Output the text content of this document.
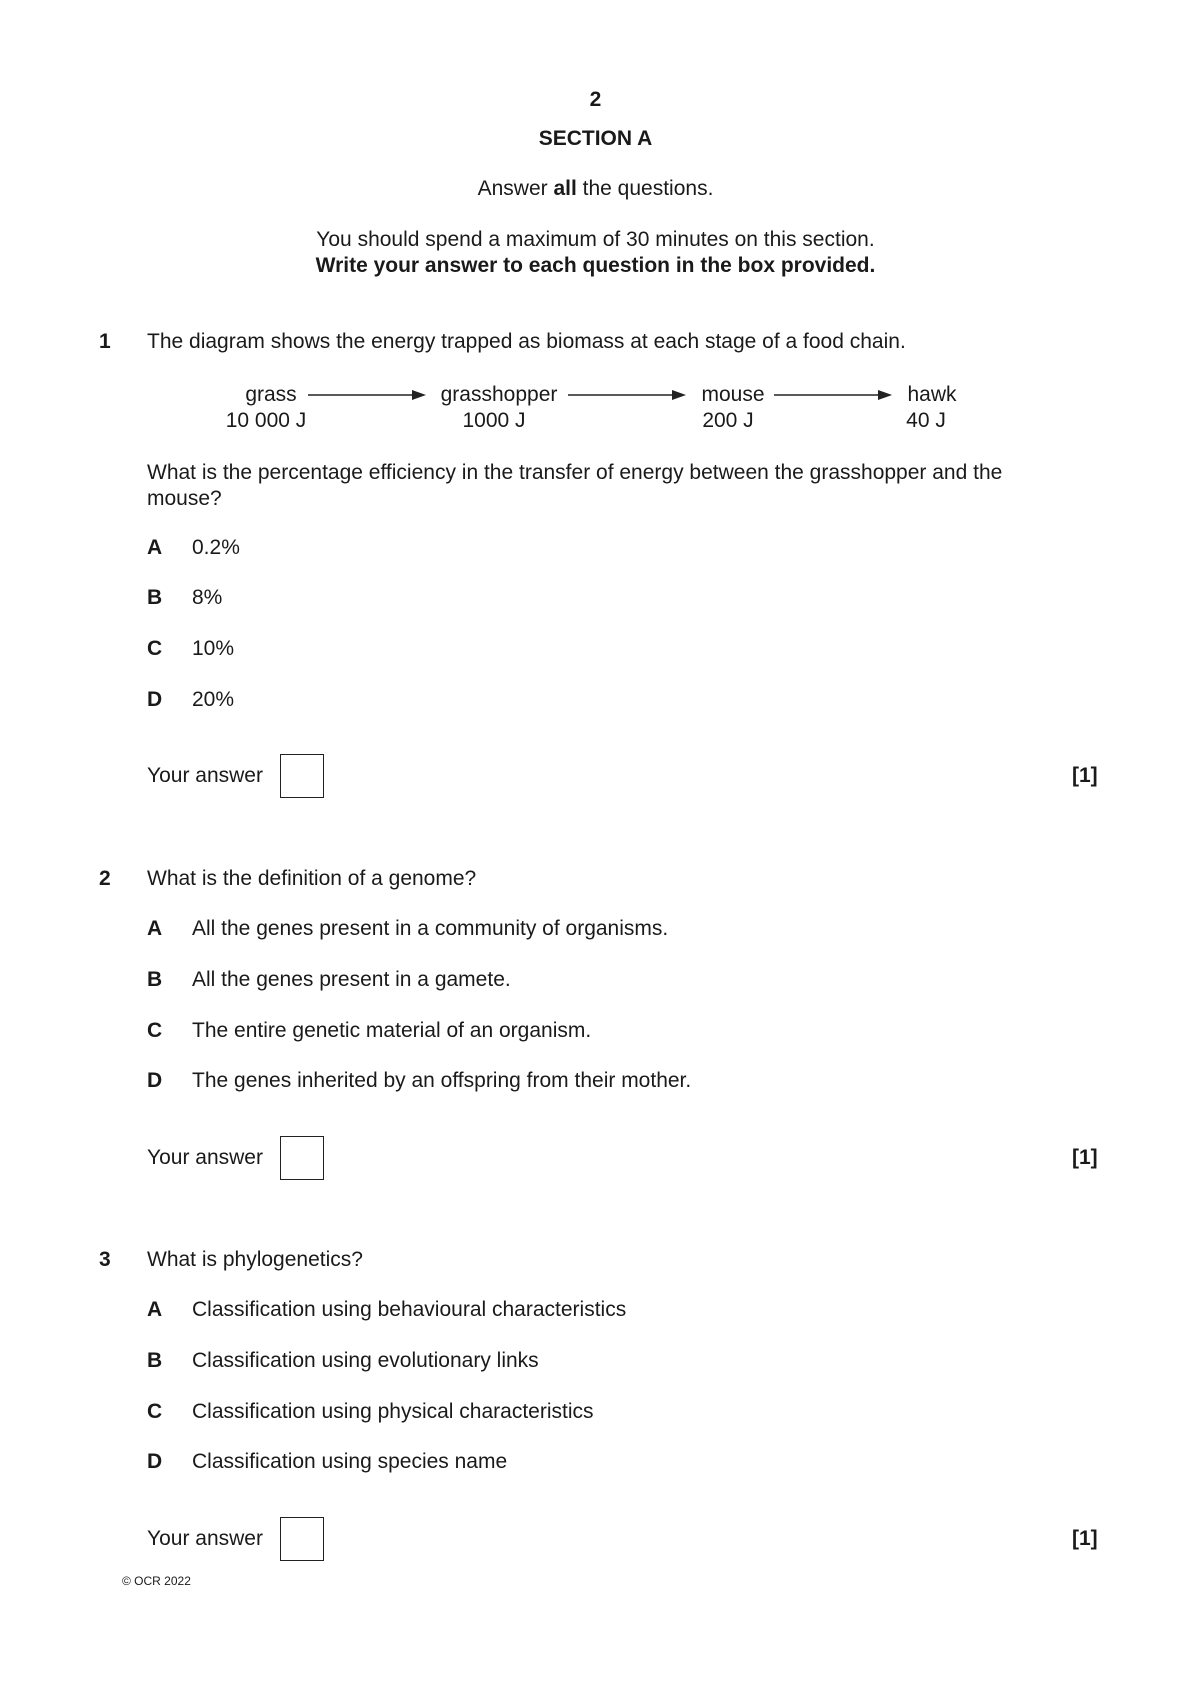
2
SECTION A
Answer all the questions.
You should spend a maximum of 30 minutes on this section.
Write your answer to each question in the box provided.
1 The diagram shows the energy trapped as biomass at each stage of a food chain.
grass
10 000 J
grasshopper
1000 J
mouse
200 J
hawk
40 J
What is the percentage efficiency in the transfer of energy between the grasshopper and the
mouse?
A 0.2%
B 8%
C 10%
D 20%
Your answer	[1]
2 What is the definition of a genome?
A All the genes present in a community of organisms.
B All the genes present in a gamete.
C The entire genetic material of an organism.
D The genes inherited by an offspring from their mother.
Your answer	[1]
3 What is phylogenetics?
A Classification using behavioural characteristics
B Classification using evolutionary links
C Classification using physical characteristics
D Classification using species name
Your answer	[1]
© OCR 2022
